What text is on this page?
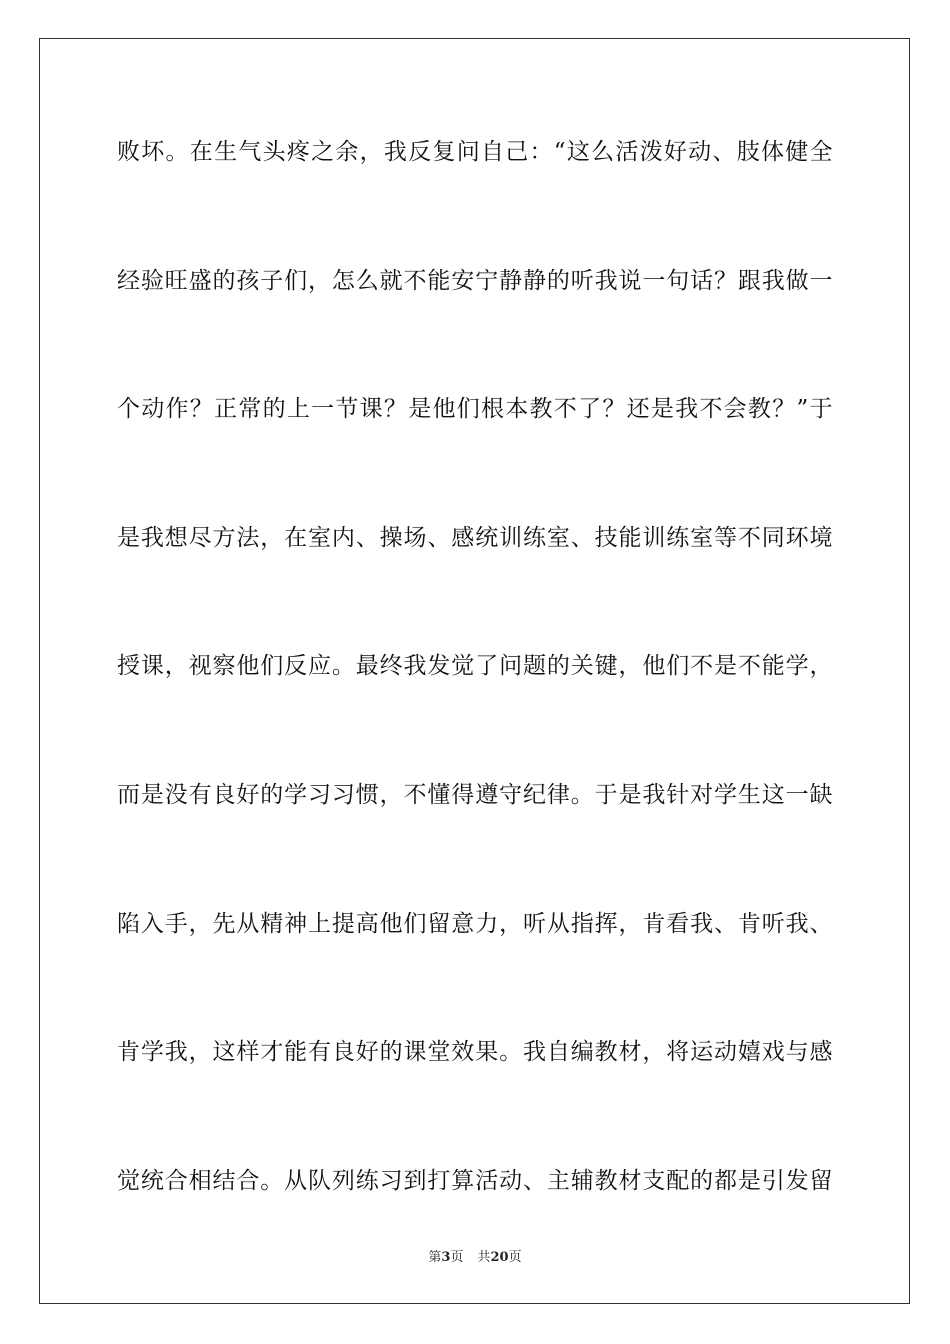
败坏。在生气头疼之余，我反复问自己：“这么活泼好动、肢体健全
经验旺盛的孩子们，怎么就不能安宁静静的听我说一句话？跟我做一
个动作？正常的上一节课？是他们根本教不了？还是我不会教？”于
是我想尽方法，在室内、操场、感统训练室、技能训练室等不同环境
授课，视察他们反应。最终我发觉了问题的关键，他们不是不能学，
而是没有良好的学习习惯，不懂得遵守纪律。于是我针对学生这一缺
陷入手，先从精神上提高他们留意力，听从指挥，肯看我、肯听我、
肯学我，这样才能有良好的课堂效果。我自编教材，将运动嬉戏与感
觉统合相结合。从队列练习到打算活动、主辅教材支配的都是引发留
第3页 共20页
